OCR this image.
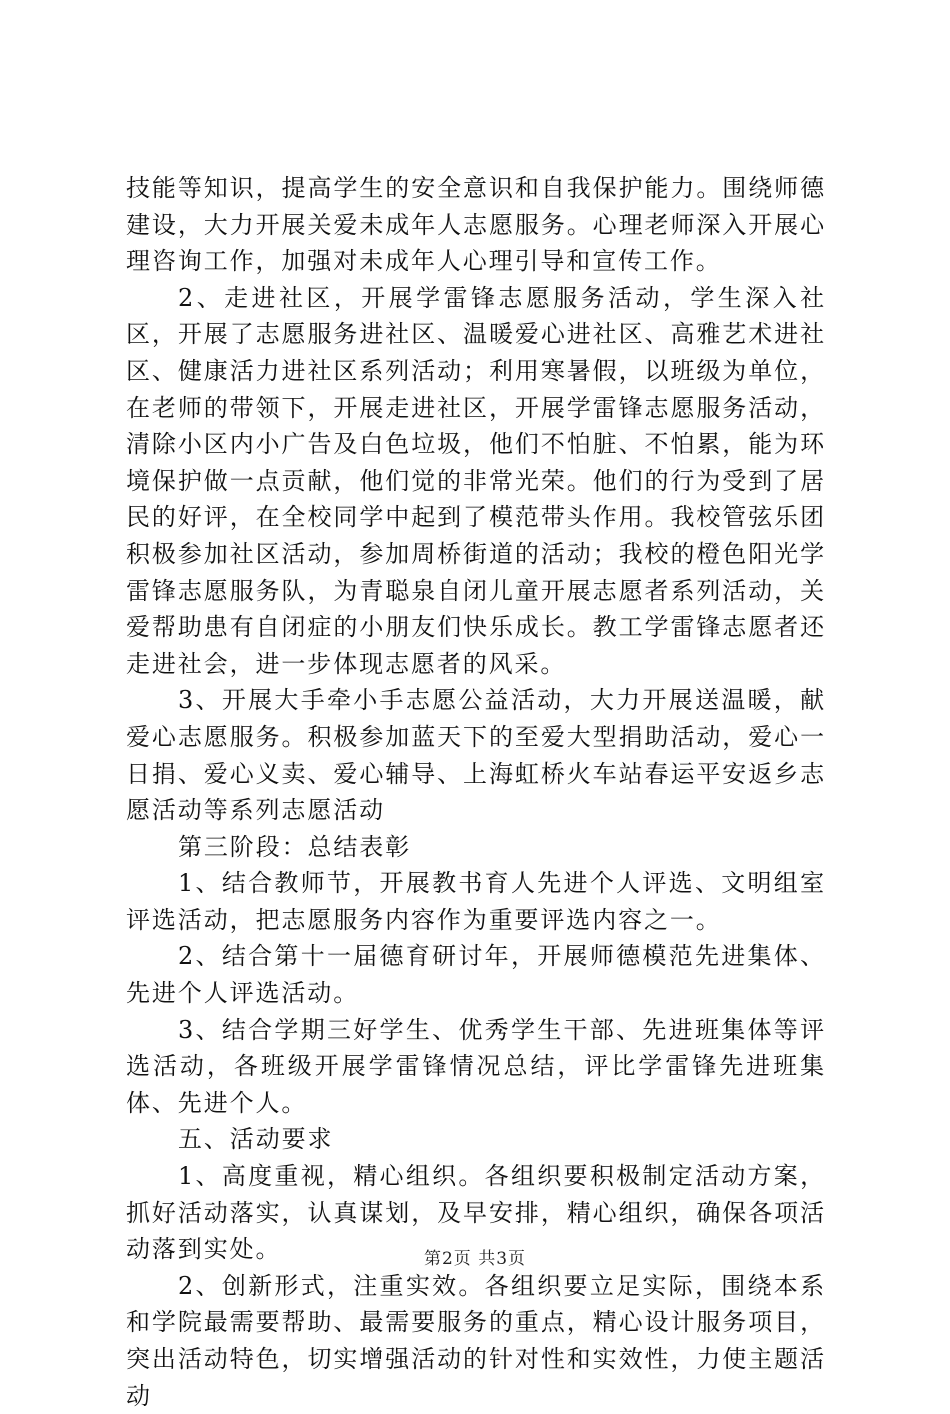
技能等知识，提高学生的安全意识和自我保护能力。围绕师德建设，大力开展关爱未成年人志愿服务。心理老师深入开展心理咨询工作，加强对未成年人心理引导和宣传工作。

2、走进社区，开展学雷锋志愿服务活动，学生深入社区，开展了志愿服务进社区、温暖爱心进社区、高雅艺术进社区、健康活力进社区系列活动；利用寒暑假，以班级为单位，在老师的带领下，开展走进社区，开展学雷锋志愿服务活动，清除小区内小广告及白色垃圾，他们不怕脏、不怕累，能为环境保护做一点贡献，他们觉的非常光荣。他们的行为受到了居民的好评，在全校同学中起到了模范带头作用。我校管弦乐团积极参加社区活动，参加周桥街道的活动；我校的橙色阳光学雷锋志愿服务队，为青聪泉自闭儿童开展志愿者系列活动，关爱帮助患有自闭症的小朋友们快乐成长。教工学雷锋志愿者还走进社会，进一步体现志愿者的风采。

3、开展大手牵小手志愿公益活动，大力开展送温暖，献爱心志愿服务。积极参加蓝天下的至爱大型捐助活动，爱心一日捐、爱心义卖、爱心辅导、上海虹桥火车站春运平安返乡志愿活动等系列志愿活动

第三阶段：总结表彰

1、结合教师节，开展教书育人先进个人评选、文明组室评选活动，把志愿服务内容作为重要评选内容之一。

2、结合第十一届德育研讨年，开展师德模范先进集体、先进个人评选活动。

3、结合学期三好学生、优秀学生干部、先进班集体等评选活动，各班级开展学雷锋情况总结，评比学雷锋先进班集体、先进个人。

五、活动要求

1、高度重视，精心组织。各组织要积极制定活动方案，抓好活动落实，认真谋划，及早安排，精心组织，确保各项活动落到实处。

2、创新形式，注重实效。各组织要立足实际，围绕本系和学院最需要帮助、最需要服务的重点，精心设计服务项目，突出活动特色，切实增强活动的针对性和实效性，力使主题活动

第2页 共3页
